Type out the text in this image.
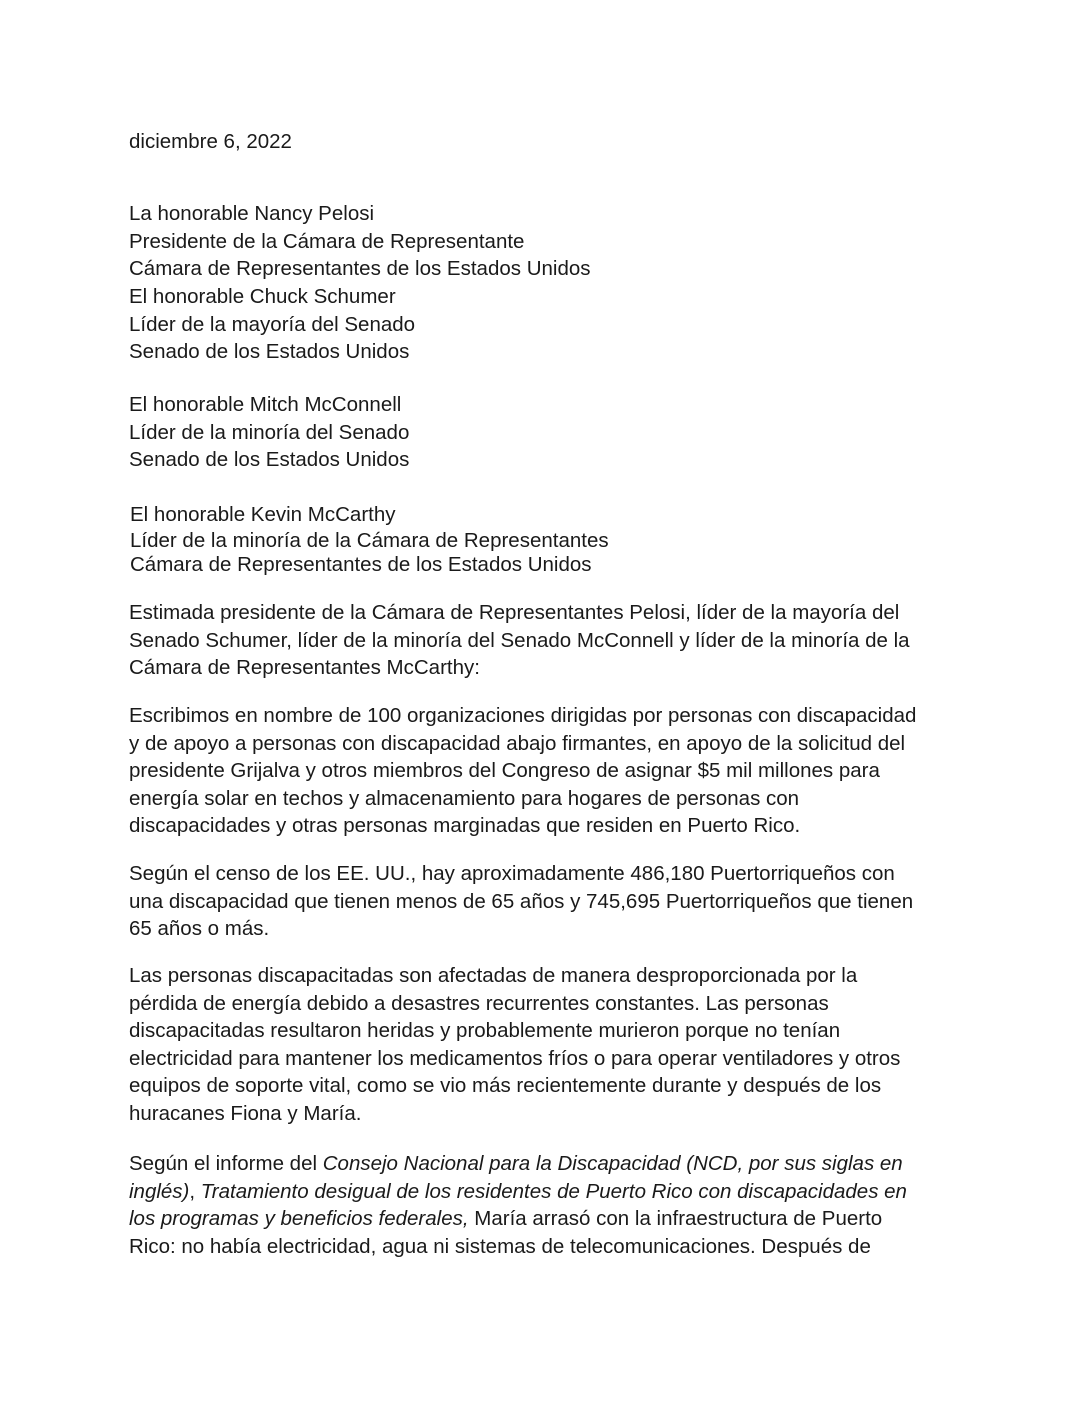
diciembre 6, 2022
La honorable Nancy Pelosi
Presidente de la Cámara de Representante
Cámara de Representantes de los Estados Unidos
El honorable Chuck Schumer
Líder de la mayoría del Senado
Senado de los Estados Unidos
El honorable Mitch McConnell
Líder de la minoría del Senado
Senado de los Estados Unidos
El honorable Kevin McCarthy
Líder de la minoría de la Cámara de Representantes
Cámara de Representantes de los Estados Unidos
Estimada presidente de la Cámara de Representantes Pelosi, líder de la mayoría del
Senado Schumer, líder de la minoría del Senado McConnell y líder de la minoría de la
Cámara de Representantes McCarthy:
Escribimos en nombre de 100 organizaciones dirigidas por personas con discapacidad
y de apoyo a personas con discapacidad abajo firmantes, en apoyo de la solicitud del
presidente Grijalva y otros miembros del Congreso de asignar $5 mil millones para
energía solar en techos y almacenamiento para hogares de personas con
discapacidades y otras personas marginadas que residen en Puerto Rico.
Según el censo de los EE. UU., hay aproximadamente 486,180 Puertorriqueños con
una discapacidad que tienen menos de 65 años y 745,695 Puertorriqueños que tienen
65 años o más.
Las personas discapacitadas son afectadas de manera desproporcionada por la
pérdida de energía debido a desastres recurrentes constantes. Las personas
discapacitadas resultaron heridas y probablemente murieron porque no tenían
electricidad para mantener los medicamentos fríos o para operar ventiladores y otros
equipos de soporte vital, como se vio más recientemente durante y después de los
huracanes Fiona y María.
Según el informe del Consejo Nacional para la Discapacidad (NCD, por sus siglas en
inglés), Tratamiento desigual de los residentes de Puerto Rico con discapacidades en
los programas y beneficios federales, María arrasó con la infraestructura de Puerto
Rico: no había electricidad, agua ni sistemas de telecomunicaciones. Después de
